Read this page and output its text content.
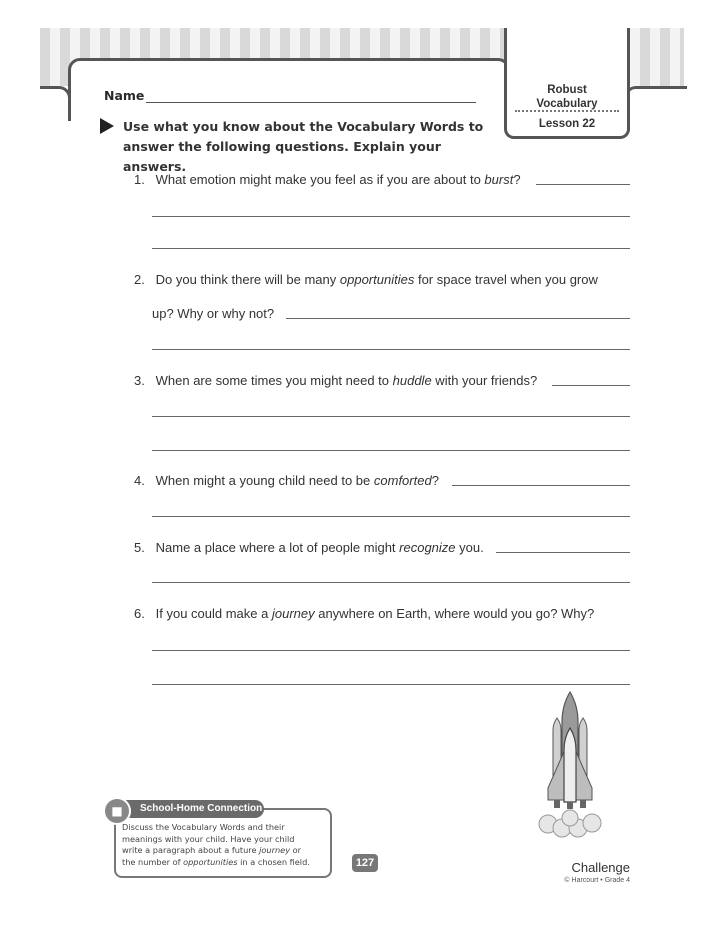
Robust
Vocabulary
Lesson 22
Name
Use what you know about the Vocabulary Words to
answer the following questions. Explain your answers.
1. What emotion might make you feel as if you are about to burst?
2. Do you think there will be many opportunities for space travel when you grow
up? Why or why not?
3. When are some times you might need to huddle with your friends?
4. When might a young child need to be comforted?
5. Name a place where a lot of people might recognize you.
6. If you could make a journey anywhere on Earth, where would you go? Why?
School-Home Connection
■
Discuss the Vocabulary Words and their
meanings with your child. Have your child
write a paragraph about a future journey or
the number of opportunities in a chosen field.	127	Challenge
© Harcourt • Grade 4
